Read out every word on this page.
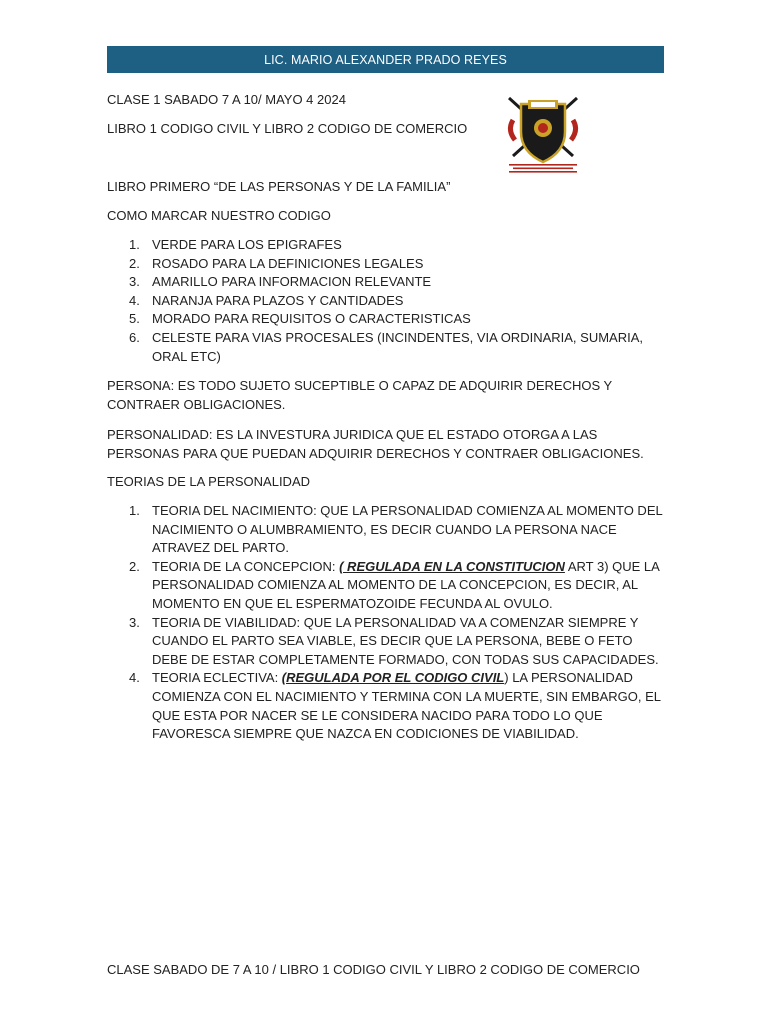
LIC. MARIO ALEXANDER PRADO REYES
CLASE 1 SABADO 7 A 10/ MAYO 4 2024
LIBRO 1 CODIGO CIVIL Y LIBRO 2 CODIGO DE COMERCIO
LIBRO PRIMERO “DE LAS PERSONAS Y DE LA FAMILIA”
COMO MARCAR NUESTRO CODIGO
1. VERDE PARA LOS EPIGRAFES
2. ROSADO PARA LA DEFINICIONES LEGALES
3. AMARILLO PARA INFORMACION RELEVANTE
4. NARANJA PARA PLAZOS Y CANTIDADES
5. MORADO PARA REQUISITOS O CARACTERISTICAS
6. CELESTE PARA VIAS PROCESALES (INCINDENTES, VIA ORDINARIA, SUMARIA, ORAL ETC)
PERSONA: ES TODO SUJETO SUCEPTIBLE O CAPAZ DE ADQUIRIR DERECHOS Y CONTRAER OBLIGACIONES.
PERSONALIDAD: ES LA INVESTURA JURIDICA QUE EL ESTADO OTORGA A LAS PERSONAS PARA QUE PUEDAN ADQUIRIR DERECHOS Y CONTRAER OBLIGACIONES.
TEORIAS DE LA PERSONALIDAD
1. TEORIA DEL NACIMIENTO: QUE LA PERSONALIDAD COMIENZA AL MOMENTO DEL NACIMIENTO O ALUMBRAMIENTO, ES DECIR CUANDO LA PERSONA NACE ATRAVEZ DEL PARTO.
2. TEORIA DE LA CONCEPCION: ( REGULADA EN LA CONSTITUCION ART 3) QUE LA PERSONALIDAD COMIENZA AL MOMENTO DE LA CONCEPCION, ES DECIR, AL MOMENTO EN QUE EL ESPERMATOZOIDE FECUNDA AL OVULO.
3. TEORIA DE VIABILIDAD: QUE LA PERSONALIDAD VA A COMENZAR SIEMPRE Y CUANDO EL PARTO SEA VIABLE, ES DECIR QUE LA PERSONA, BEBE O FETO DEBE DE ESTAR COMPLETAMENTE FORMADO, CON TODAS SUS CAPACIDADES.
4. TEORIA ECLECTIVA: (REGULADA POR EL CODIGO CIVIL) LA PERSONALIDAD COMIENZA CON EL NACIMIENTO Y TERMINA CON LA MUERTE, SIN EMBARGO, EL QUE ESTA POR NACER SE LE CONSIDERA NACIDO PARA TODO LO QUE FAVORESCA SIEMPRE QUE NAZCA EN CODICIONES DE VIABILIDAD.
CLASE SABADO DE 7 A 10 / LIBRO 1 CODIGO CIVIL Y LIBRO 2 CODIGO DE COMERCIO
